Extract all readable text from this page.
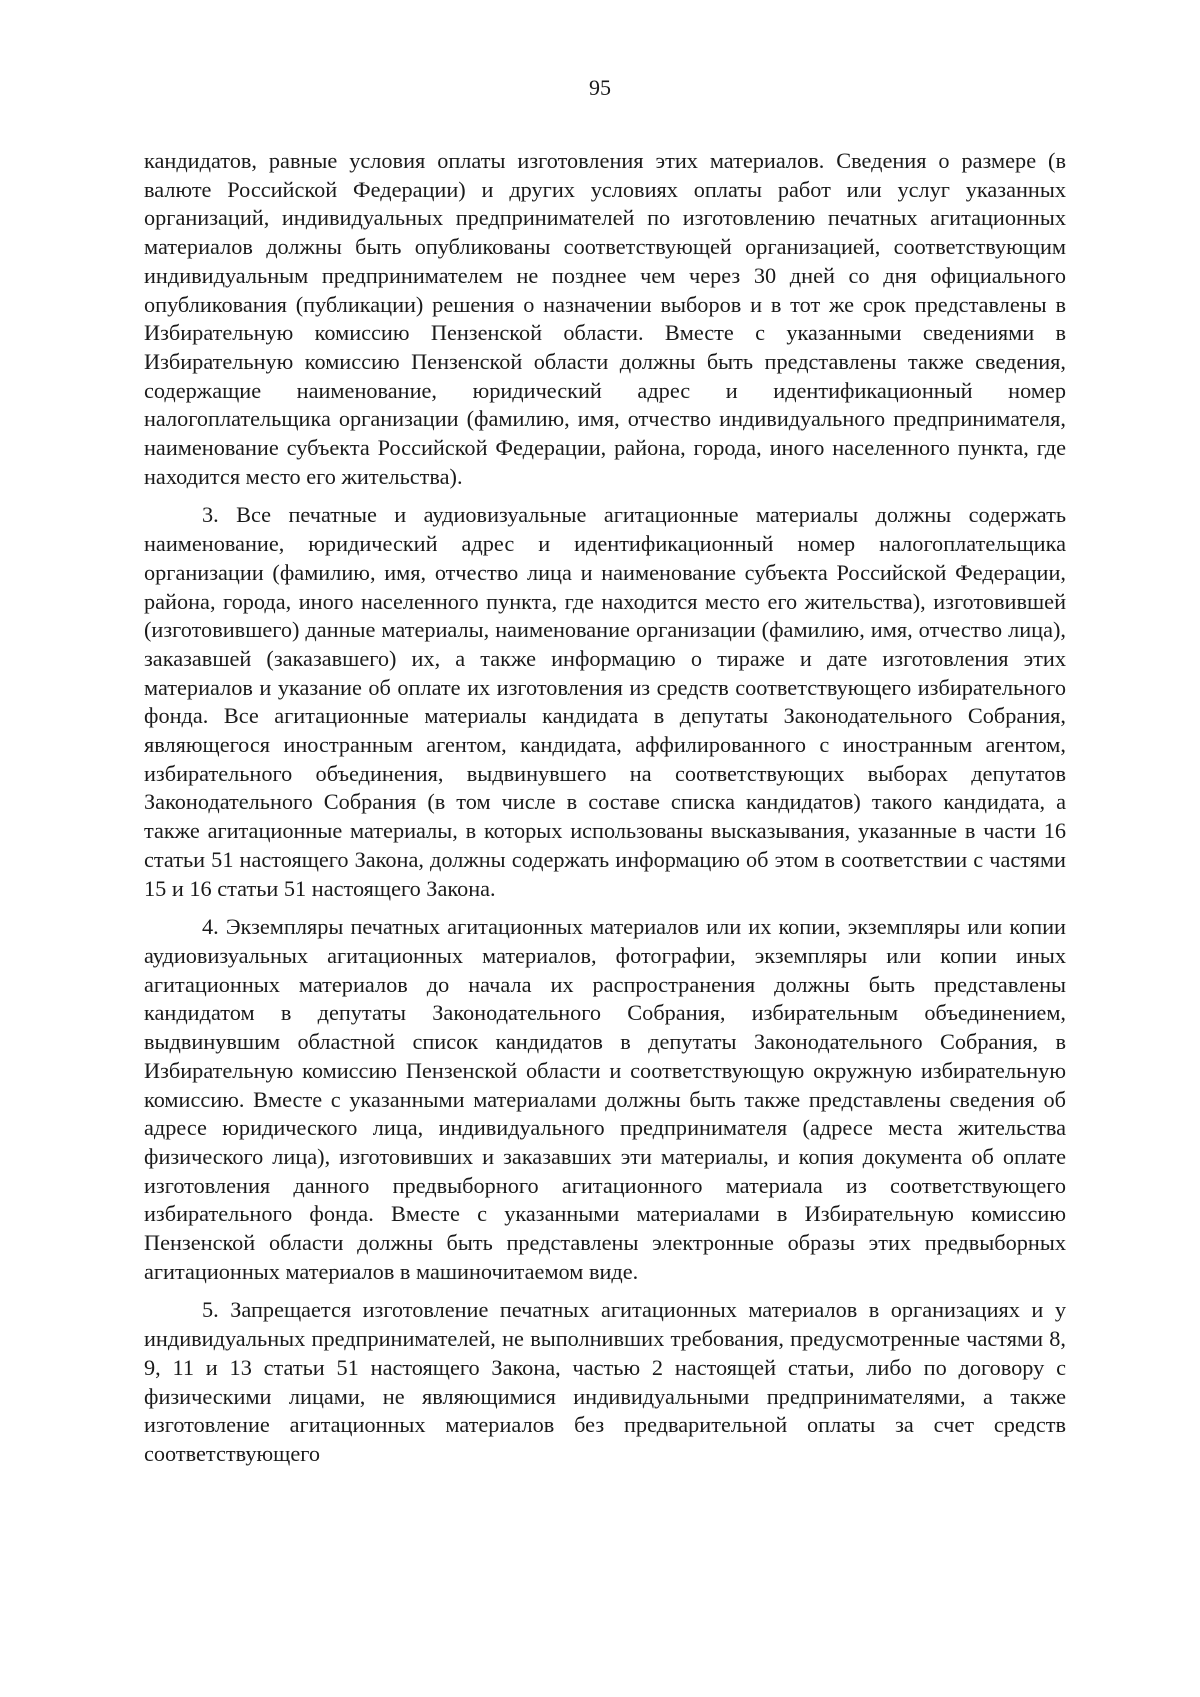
95

кандидатов, равные условия оплаты изготовления этих материалов. Сведения о размере (в валюте Российской Федерации) и других условиях оплаты работ или услуг указанных организаций, индивидуальных предпринимателей по изготовлению печатных агитационных материалов должны быть опубликованы соответствующей организацией, соответствующим индивидуальным предпринимателем не позднее чем через 30 дней со дня официального опубликования (публикации) решения о назначении выборов и в тот же срок представлены в Избирательную комиссию Пензенской области. Вместе с указанными сведениями в Избирательную комиссию Пензенской области должны быть представлены также сведения, содержащие наименование, юридический адрес и идентификационный номер налогоплательщика организации (фамилию, имя, отчество индивидуального предпринимателя, наименование субъекта Российской Федерации, района, города, иного населенного пункта, где находится место его жительства).

3. Все печатные и аудиовизуальные агитационные материалы должны содержать наименование, юридический адрес и идентификационный номер налогоплательщика организации (фамилию, имя, отчество лица и наименование субъекта Российской Федерации, района, города, иного населенного пункта, где находится место его жительства), изготовившей (изготовившего) данные материалы, наименование организации (фамилию, имя, отчество лица), заказавшей (заказавшего) их, а также информацию о тираже и дате изготовления этих материалов и указание об оплате их изготовления из средств соответствующего избирательного фонда. Все агитационные материалы кандидата в депутаты Законодательного Собрания, являющегося иностранным агентом, кандидата, аффилированного с иностранным агентом, избирательного объединения, выдвинувшего на соответствующих выборах депутатов Законодательного Собрания (в том числе в составе списка кандидатов) такого кандидата, а также агитационные материалы, в которых использованы высказывания, указанные в части 16 статьи 51 настоящего Закона, должны содержать информацию об этом в соответствии с частями 15 и 16 статьи 51 настоящего Закона.

4. Экземпляры печатных агитационных материалов или их копии, экземпляры или копии аудиовизуальных агитационных материалов, фотографии, экземпляры или копии иных агитационных материалов до начала их распространения должны быть представлены кандидатом в депутаты Законодательного Собрания, избирательным объединением, выдвинувшим областной список кандидатов в депутаты Законодательного Собрания, в Избирательную комиссию Пензенской области и соответствующую окружную избирательную комиссию. Вместе с указанными материалами должны быть также представлены сведения об адресе юридического лица, индивидуального предпринимателя (адресе места жительства физического лица), изготовивших и заказавших эти материалы, и копия документа об оплате изготовления данного предвыборного агитационного материала из соответствующего избирательного фонда. Вместе с указанными материалами в Избирательную комиссию Пензенской области должны быть представлены электронные образы этих предвыборных агитационных материалов в машиночитаемом виде.

5. Запрещается изготовление печатных агитационных материалов в организациях и у индивидуальных предпринимателей, не выполнивших требования, предусмотренные частями 8, 9, 11 и 13 статьи 51 настоящего Закона, частью 2 настоящей статьи, либо по договору с физическими лицами, не являющимися индивидуальными предпринимателями, а также изготовление агитационных материалов без предварительной оплаты за счет средств соответствующего
